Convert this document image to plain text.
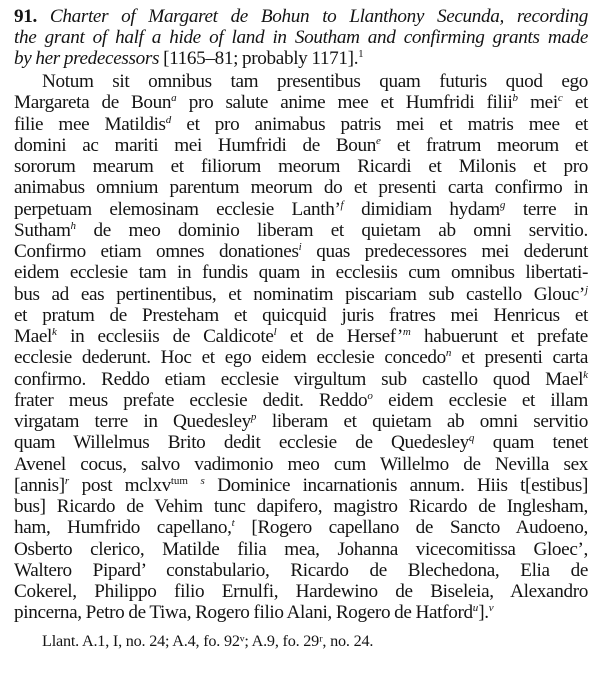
91. Charter of Margaret de Bohun to Llanthony Secunda, recording
the grant of half a hide of land in Southam and confirming grants made
by her predecessors [1165–81; probably 1171].$^1$

Notum sit omnibus tam presentibus quam futuris quod ego
Margareta de Boun$^a$ pro salute anime mee et Humfridi filii$^b$ mei$^c$ et
filie mee Matildis$^d$ et pro animabus patris mei et matris mee et
domini ac mariti mei Humfridi de Boun$^e$ et fratrum meorum et
sororum mearum et filiorum meorum Ricardi et Milonis et pro
animabus omnium parentum meorum do et presenti carta confirmo in
perpetuam elemosinam ecclesie Lanth’$^f$ dimidiam hydam$^g$ terre in
Sutham$^h$ de meo dominio liberam et quietam ab omni servitio.
Confirmo etiam omnes donationes$^i$ quas predecessores mei dederunt
eidem ecclesie tam in fundis quam in ecclesiis cum omnibus libertati-
bus ad eas pertinentibus, et nominatim piscariam sub castello Glouc’$^j$
et pratum de Presteham et quicquid juris fratres mei Henricus et
Mael$^k$ in ecclesiis de Caldicote$^l$ et de Hersef’$^m$ habuerunt et prefate
ecclesie dederunt. Hoc et ego eidem ecclesie concedo$^n$ et presenti carta
confirmo. Reddo etiam ecclesie virgultum sub castello quod Mael$^k$
frater meus prefate ecclesie dedit. Reddo$^o$ eidem ecclesie et illam
virgatam terre in Quedesley$^p$ liberam et quietam ab omni servitio
quam Willelmus Brito dedit ecclesie de Quedesley$^q$ quam tenet
Avenel cocus, salvo vadimonio meo cum Willelmo de Nevilla sex
[annis]$^r$ post mclxv$^{tum}$ $^s$ Dominice incarnationis annum. Hiis t[estibus]
bus] Ricardo de Vehim tunc dapifero, magistro Ricardo de Inglesham,
ham, Humfrido capellano,$^t$ [Rogero capellano de Sancto Audoeno,
Osberto clerico, Matilde filia mea, Johanna vicecomitissa Gloec’,
Waltero Pipard’ constabulario, Ricardo de Blechedona, Elia de
Cokerel, Philippo filio Ernulfi, Hardewino de Biseleia, Alexandro
pincerna, Petro de Tiwa, Rogero filio Alani, Rogero de Hatford$^u$].$^v$
Llant. A.1, I, no. 24; A.4, fo. 92ᵛ; A.9, fo. 29ʳ, no. 24.
